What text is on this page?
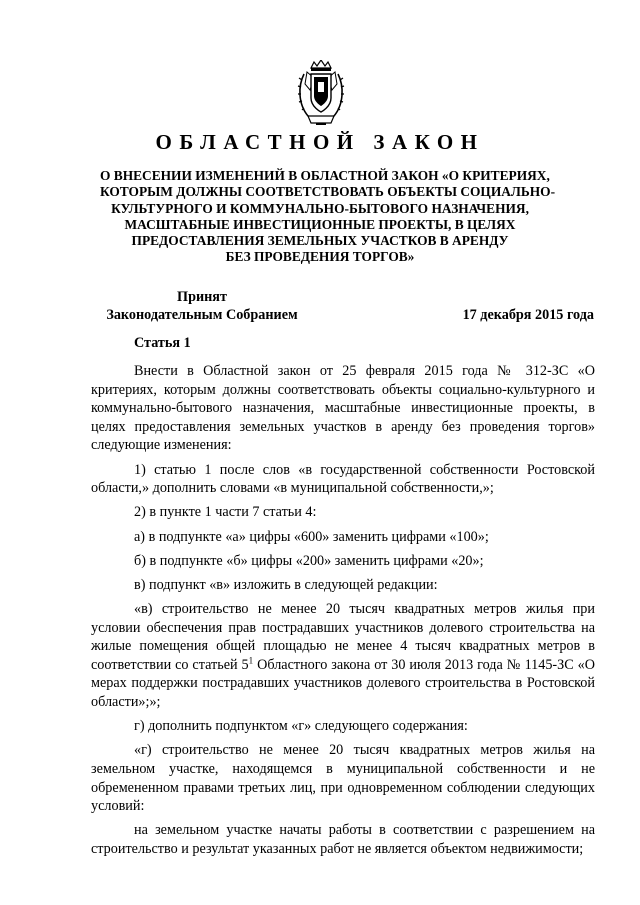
ОБЛАСТНОЙ ЗАКОН
О ВНЕСЕНИИ ИЗМЕНЕНИЙ В ОБЛАСТНОЙ ЗАКОН «О КРИТЕРИЯХ,
КОТОРЫМ ДОЛЖНЫ СООТВЕТСТВОВАТЬ ОБЪЕКТЫ СОЦИАЛЬНО-
КУЛЬТУРНОГО И КОММУНАЛЬНО-БЫТОВОГО НАЗНАЧЕНИЯ,
МАСШТАБНЫЕ ИНВЕСТИЦИОННЫЕ ПРОЕКТЫ, В ЦЕЛЯХ
ПРЕДОСТАВЛЕНИЯ ЗЕМЕЛЬНЫХ УЧАСТКОВ В АРЕНДУ
БЕЗ ПРОВЕДЕНИЯ ТОРГОВ»
Принят
Законодательным Собранием	17 декабря 2015 года
Статья 1

Внести в Областной закон от 25 февраля 2015 года № 312-ЗС «О критериях, которым должны соответствовать объекты социально-культурного и коммунально-бытового назначения, масштабные инвестиционные проекты, в целях предоставления земельных участков в аренду без проведения торгов» следующие изменения:

1) статью 1 после слов «в государственной собственности Ростовской области,» дополнить словами «в муниципальной собственности,»;

2) в пункте 1 части 7 статьи 4:

а) в подпункте «а» цифры «600» заменить цифрами «100»;

б) в подпункте «б» цифры «200» заменить цифрами «20»;

в) подпункт «в» изложить в следующей редакции:

«в) строительство не менее 20 тысяч квадратных метров жилья при условии обеспечения прав пострадавших участников долевого строительства на жилые помещения общей площадью не менее 4 тысяч квадратных метров в соответствии со статьей $5^1$ Областного закона от 30 июля 2013 года № 1145-ЗС «О мерах поддержки пострадавших участников долевого строительства в Ростовской области»;»;

г) дополнить подпунктом «г» следующего содержания:

«г) строительство не менее 20 тысяч квадратных метров жилья на земельном участке, находящемся в муниципальной собственности и не обремененном правами третьих лиц, при одновременном соблюдении следующих условий:

на земельном участке начаты работы в соответствии с разрешением на строительство и результат указанных работ не является объектом недвижимости;
